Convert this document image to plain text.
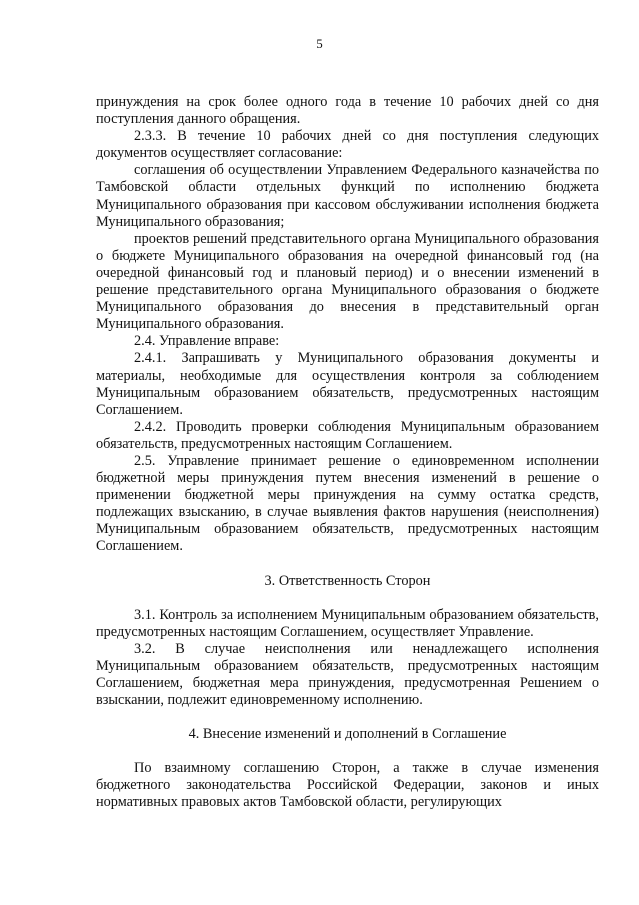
5

принуждения на срок более одного года в течение 10 рабочих дней со дня поступления данного обращения.

2.3.3. В течение 10 рабочих дней со дня поступления следующих документов осуществляет согласование:

соглашения об осуществлении Управлением Федерального казначейства по Тамбовской области отдельных функций по исполнению бюджета Муниципального образования при кассовом обслуживании исполнения бюджета Муниципального образования;

проектов решений представительного органа Муниципального образования о бюджете Муниципального образования на очередной финансовый год (на очередной финансовый год и плановый период) и о внесении изменений в решение представительного органа Муниципального образования о бюджете Муниципального образования до внесения в представительный орган Муниципального образования.

2.4. Управление вправе:

2.4.1. Запрашивать у Муниципального образования документы и материалы, необходимые для осуществления контроля за соблюдением Муниципальным образованием обязательств, предусмотренных настоящим Соглашением.

2.4.2. Проводить проверки соблюдения Муниципальным образованием обязательств, предусмотренных настоящим Соглашением.

2.5. Управление принимает решение о единовременном исполнении бюджетной меры принуждения путем внесения изменений в решение о применении бюджетной меры принуждения на сумму остатка средств, подлежащих взысканию, в случае выявления фактов нарушения (неисполнения) Муниципальным образованием обязательств, предусмотренных настоящим Соглашением.

3. Ответственность Сторон

3.1. Контроль за исполнением Муниципальным образованием обязательств, предусмотренных настоящим Соглашением, осуществляет Управление.

3.2. В случае неисполнения или ненадлежащего исполнения Муниципальным образованием обязательств, предусмотренных настоящим Соглашением, бюджетная мера принуждения, предусмотренная Решением о взыскании, подлежит единовременному исполнению.

4. Внесение изменений и дополнений в Соглашение

По взаимному соглашению Сторон, а также в случае изменения бюджетного законодательства Российской Федерации, законов и иных нормативных правовых актов Тамбовской области, регулирующих
